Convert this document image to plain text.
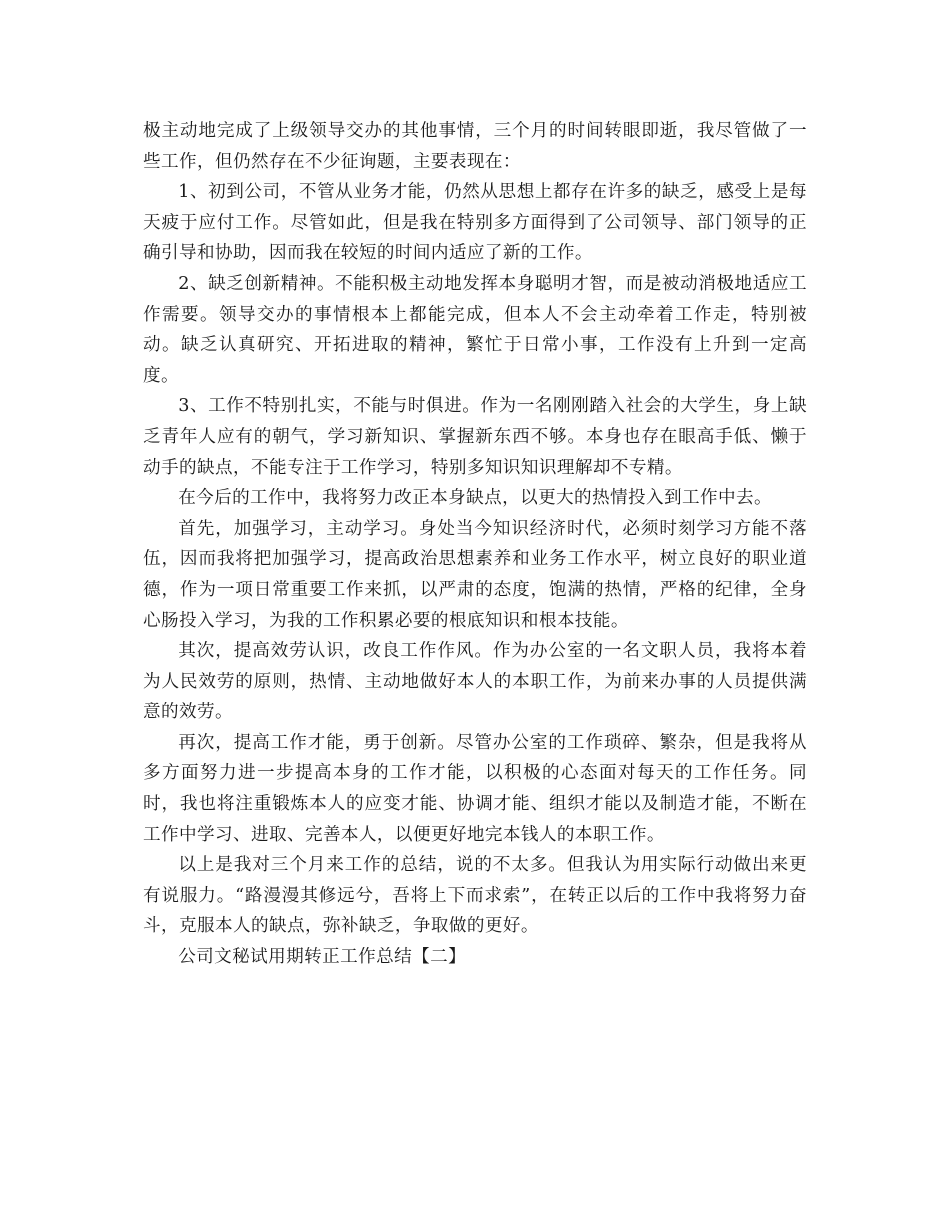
极主动地完成了上级领导交办的其他事情，三个月的时间转眼即逝，我尽管做了一些工作，但仍然存在不少征询题，主要表现在：

1、初到公司，不管从业务才能，仍然从思想上都存在许多的缺乏，感受上是每天疲于应付工作。尽管如此，但是我在特别多方面得到了公司领导、部门领导的正确引导和协助，因而我在较短的时间内适应了新的工作。

2、缺乏创新精神。不能积极主动地发挥本身聪明才智，而是被动消极地适应工作需要。领导交办的事情根本上都能完成，但本人不会主动牵着工作走，特别被动。缺乏认真研究、开拓进取的精神，繁忙于日常小事，工作没有上升到一定高度。

3、工作不特别扎实，不能与时俱进。作为一名刚刚踏入社会的大学生，身上缺乏青年人应有的朝气，学习新知识、掌握新东西不够。本身也存在眼高手低、懒于动手的缺点，不能专注于工作学习，特别多知识知识理解却不专精。

在今后的工作中，我将努力改正本身缺点，以更大的热情投入到工作中去。

首先，加强学习，主动学习。身处当今知识经济时代，必须时刻学习方能不落伍，因而我将把加强学习，提高政治思想素养和业务工作水平，树立良好的职业道德，作为一项日常重要工作来抓，以严肃的态度，饱满的热情，严格的纪律，全身心肠投入学习，为我的工作积累必要的根底知识和根本技能。

其次，提高效劳认识，改良工作作风。作为办公室的一名文职人员，我将本着为人民效劳的原则，热情、主动地做好本人的本职工作，为前来办事的人员提供满意的效劳。

再次，提高工作才能，勇于创新。尽管办公室的工作琐碎、繁杂，但是我将从多方面努力进一步提高本身的工作才能，以积极的心态面对每天的工作任务。同时，我也将注重锻炼本人的应变才能、协调才能、组织才能以及制造才能，不断在工作中学习、进取、完善本人，以便更好地完本钱人的本职工作。

以上是我对三个月来工作的总结，说的不太多。但我认为用实际行动做出来更有说服力。“路漫漫其修远兮，吾将上下而求索”，在转正以后的工作中我将努力奋斗，克服本人的缺点，弥补缺乏，争取做的更好。

公司文秘试用期转正工作总结【二】
